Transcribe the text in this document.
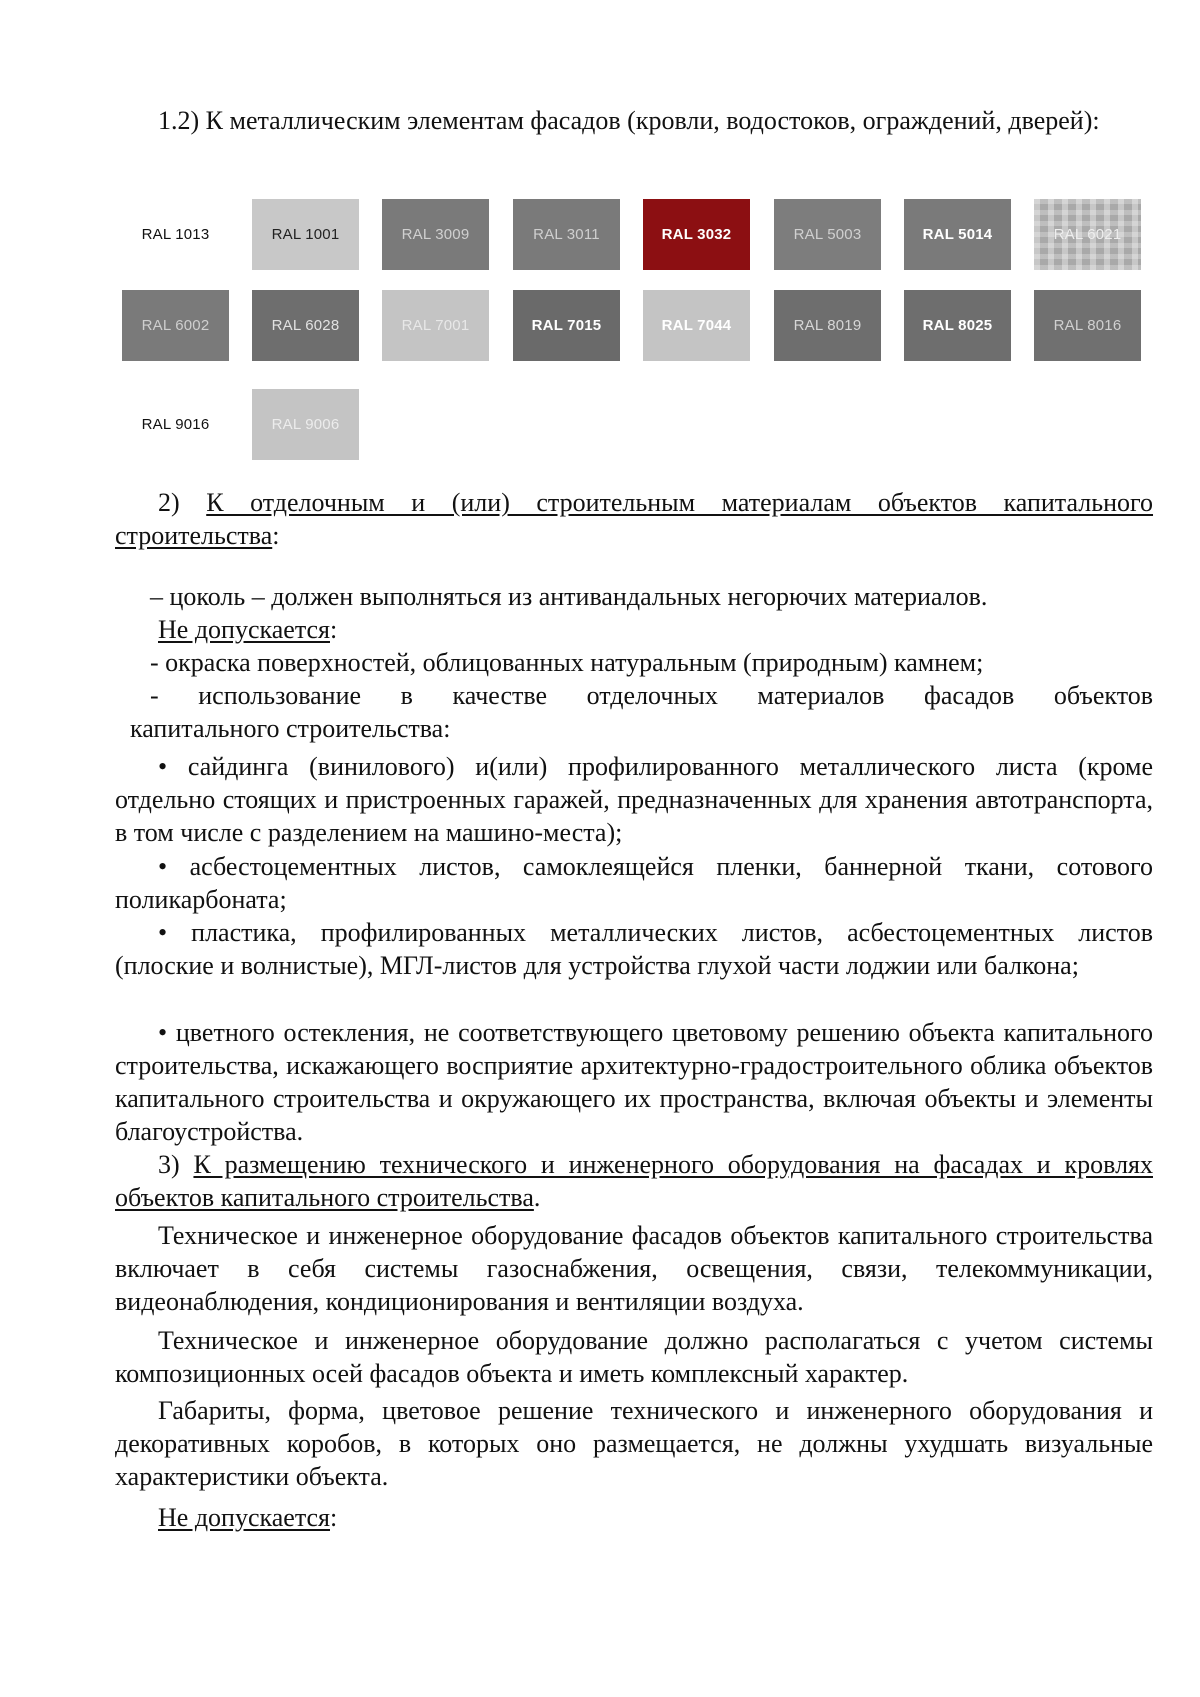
1.2) К металлическим элементам фасадов (кровли, водостоков, ограждений, дверей):

RAL 1013	RAL 1001	RAL 3009	RAL 3011	RAL 3032	RAL 5003	RAL 5014	RAL 6021
RAL 6002	RAL 6028	RAL 7001	RAL 7015	RAL 7044	RAL 8019	RAL 8025	RAL 8016
RAL 9016	RAL 9006

2) К отделочным и (или) строительным материалам объектов капитального строительства:

– цоколь – должен выполняться из антивандальных негорючих материалов.

Не допускается:

- окраска поверхностей, облицованных натуральным (природным) камнем;

- использование в качестве отделочных материалов фасадов объектов

капитального строительства:

• сайдинга (винилового) и(или) профилированного металлического листа (кроме отдельно стоящих и пристроенных гаражей, предназначенных для хранения автотранспорта, в том числе с разделением на машино-места);

• асбестоцементных листов, самоклеящейся пленки, баннерной ткани, сотового поликарбоната;

• пластика, профилированных металлических листов, асбестоцементных листов (плоские и волнистые), МГЛ-листов для устройства глухой части лоджии или балкона;

• цветного остекления, не соответствующего цветовому решению объекта капитального строительства, искажающего восприятие архитектурно-градостроительного облика объектов капитального строительства и окружающего их пространства, включая объекты и элементы благоустройства.

3) К размещению технического и инженерного оборудования на фасадах и кровлях объектов капитального строительства.

Техническое и инженерное оборудование фасадов объектов капитального строительства включает в себя системы газоснабжения, освещения, связи, телекоммуникации, видеонаблюдения, кондиционирования и вентиляции воздуха.

Техническое и инженерное оборудование должно располагаться с учетом системы композиционных осей фасадов объекта и иметь комплексный характер.

Габариты, форма, цветовое решение технического и инженерного оборудования и декоративных коробов, в которых оно размещается, не должны ухудшать визуальные характеристики объекта.

Не допускается:
